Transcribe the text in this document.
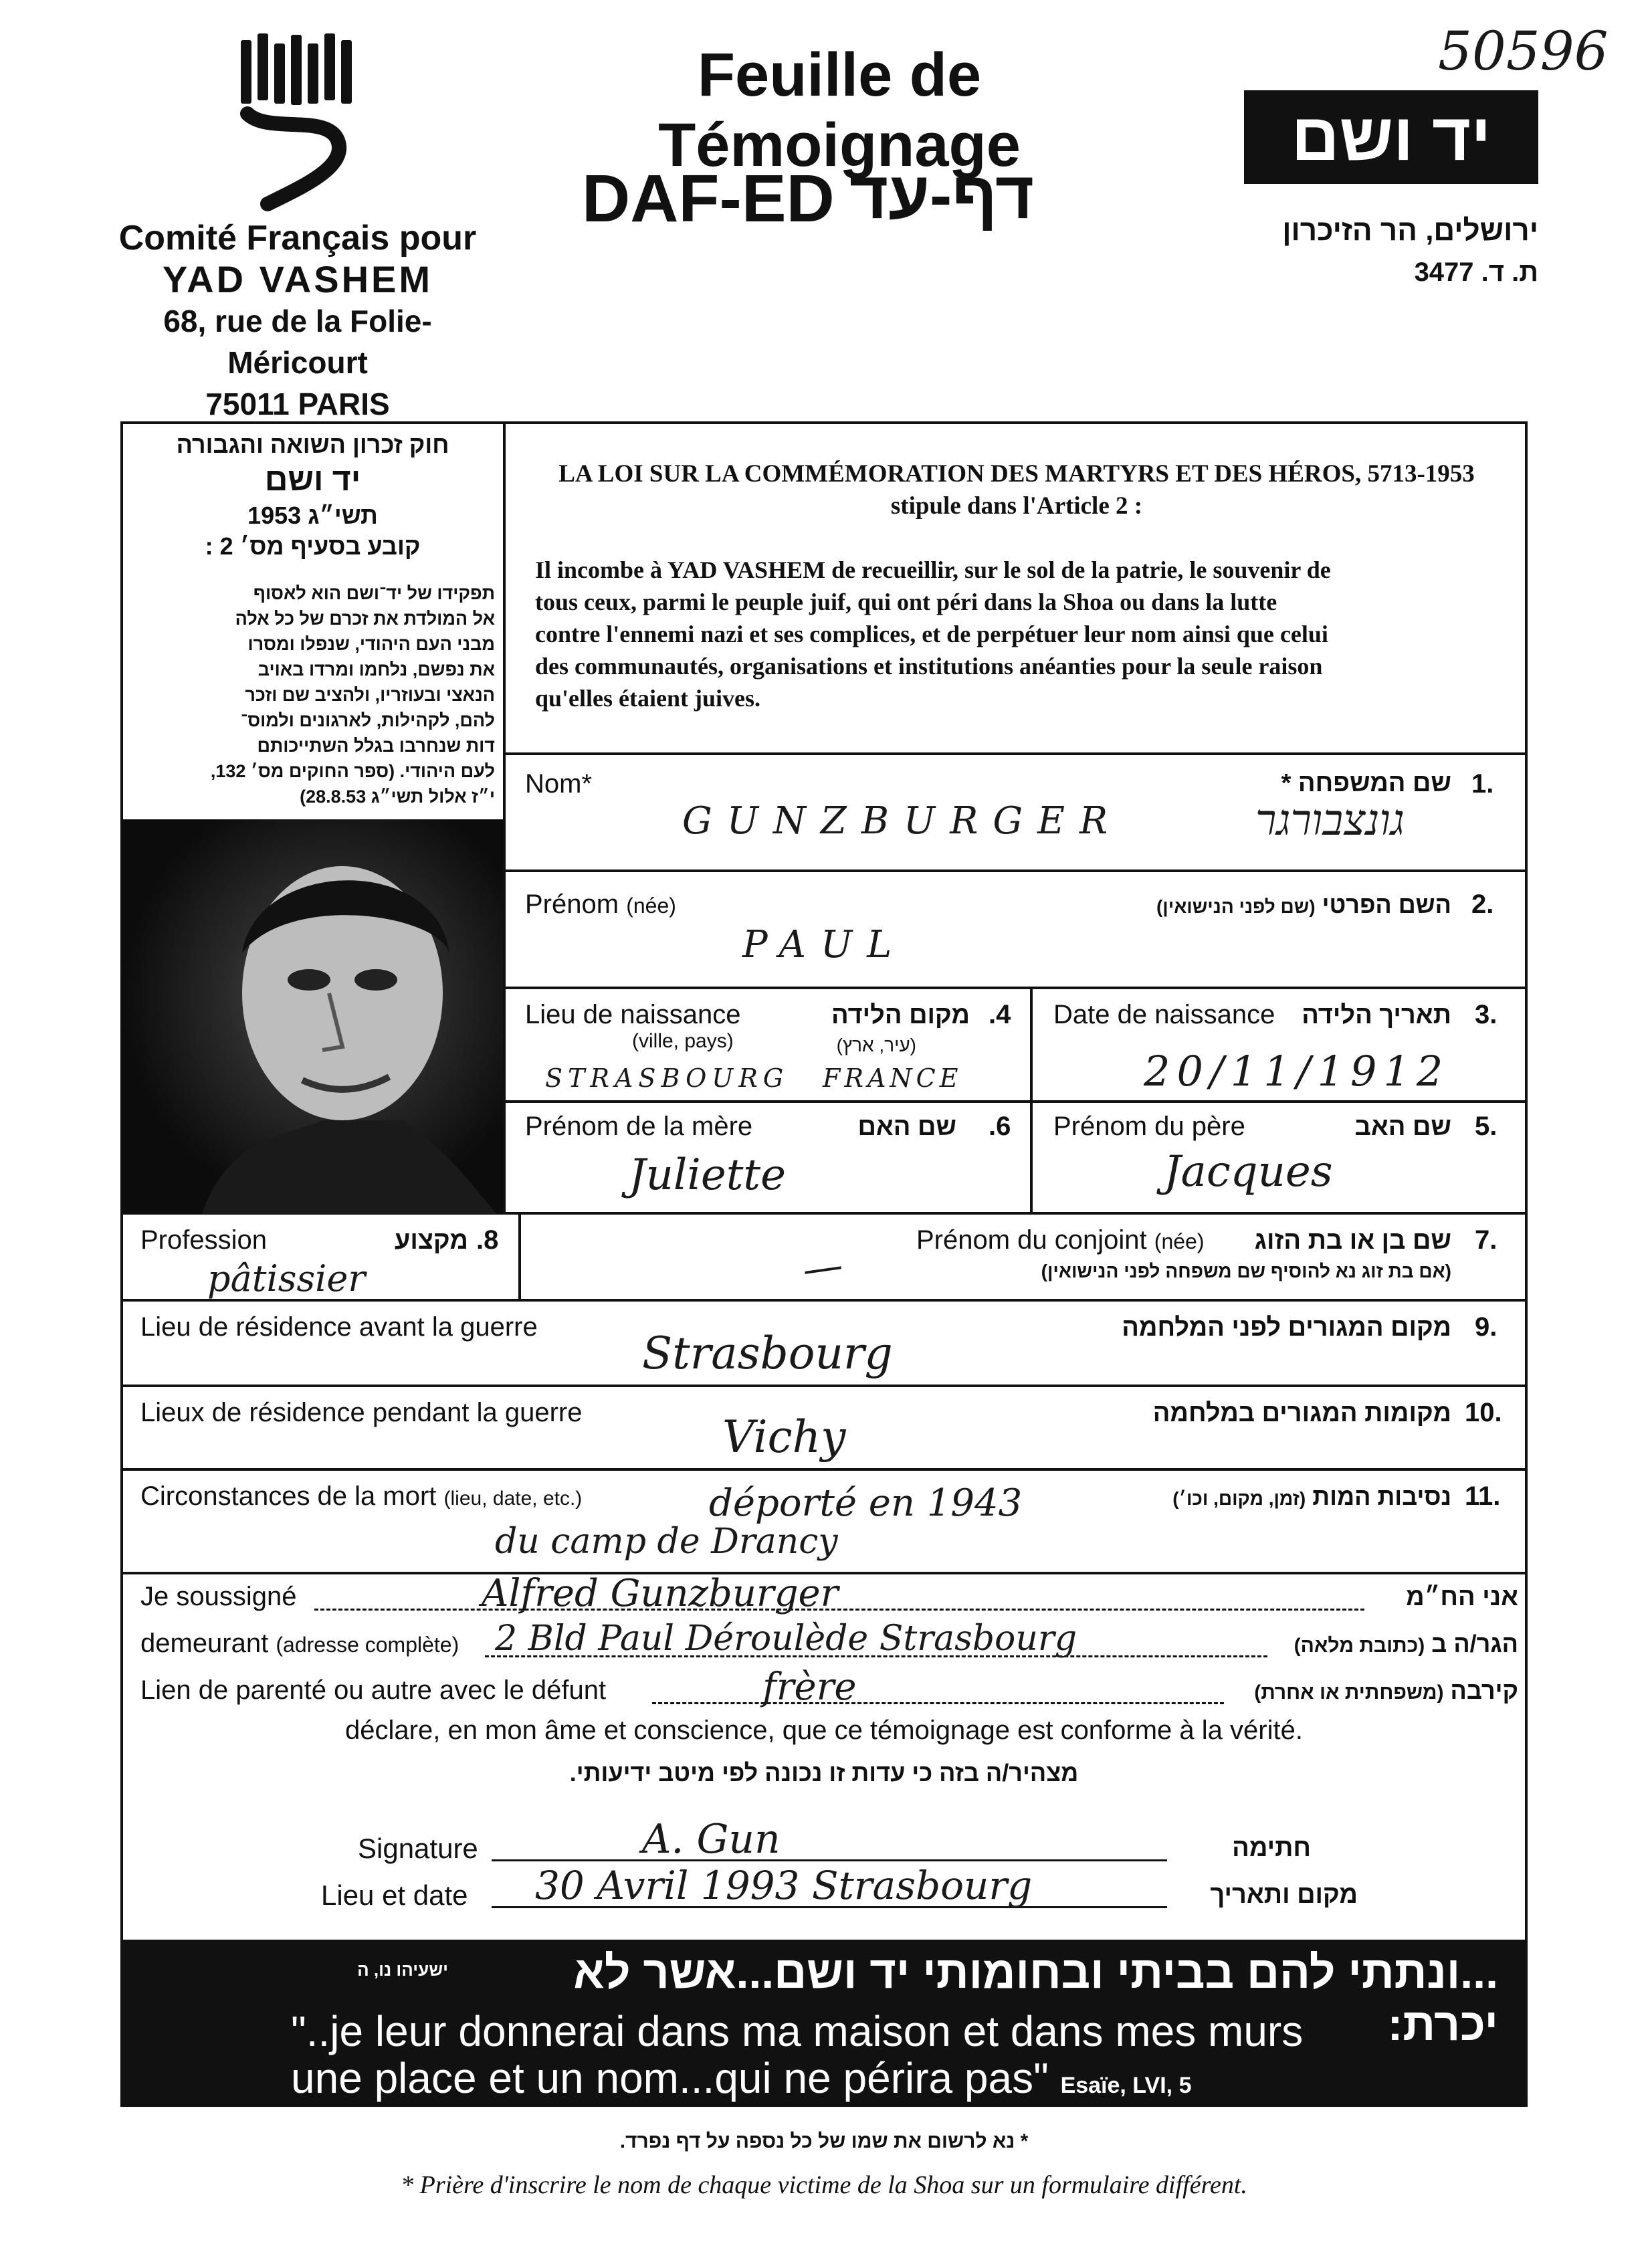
Comité Français pour
YAD VASHEM
68, rue de la Folie-Méricourt
75011 PARIS
Feuille de Témoignage
DAF-ED דף-עד
50596
יד ושם
ירושלים, הר הזיכרון
ת. ד. 3477
חוק זכרון השואה והגבורה
יד ושם
תשי״ג 1953
קובע בסעיף מס׳ 2 :
תפקידו של יד־ושם הוא לאסוף
אל המולדת את זכרם של כל אלה
מבני העם היהודי, שנפלו ומסרו
את נפשם, נלחמו ומרדו באויב
הנאצי ובעוזריו, ולהציב שם וזכר
להם, לקהילות, לארגונים ולמוס־
דות שנחרבו בגלל השתייכותם
לעם היהודי. (ספר החוקים מס׳ 132,
י״ז אלול תשי״ג 28.8.53)
LA LOI SUR LA COMMÉMORATION DES MARTYRS ET DES HÉROS, 5713-1953
stipule dans l'Article 2 :
Il incombe à YAD VASHEM de recueillir, sur le sol de la patrie, le souvenir de
tous ceux, parmi le peuple juif, qui ont péri dans la Shoa ou dans la lutte
contre l'ennemi nazi et ses complices, et de perpétuer leur nom ainsi que celui
des communautés, organisations et institutions anéanties pour la seule raison
qu'elles étaient juives.
Nom*	שם המשפחה * 1.
GUNZBURGER	גונצבורגר
Prénom (née)	השם הפרטי (שם לפני הנישואין)	2.
PAUL
Lieu de naissance
(ville, pays)
מקום הלידה
(עיר, ארץ)
.4
STRASBOURG FRANCE
Date de naissance	תאריך הלידה 3.
20/11/1912
Prénom de la mère	שם האם .6
Juliette
Prénom du père	שם האב 5.
Jacques
Profession	מקצוע .8
pâtissier
Prénom du conjoint (née)	שם בן או בת הזוג 7.
(אם בת זוג נא להוסיף שם משפחה לפני הנישואין)
—
Lieu de résidence avant la guerre	מקום המגורים לפני המלחמה 9.
Strasbourg
Lieux de résidence pendant la guerre	מקומות המגורים במלחמה 10.
Vichy
Circonstances de la mort (lieu, date, etc.)	נסיבות המות (זמן, מקום, וכו׳)	11.
déporté en 1943
du camp de Drancy
Je soussigné	Alfred Gunzburger	אני הח״מ
demeurant (adresse complète) 2 Bld Paul Déroulède Strasbourg	הגר/ה ב (כתובת מלאה)
Lien de parenté ou autre avec le défunt	frère	קירבה (משפחתית או אחרת)
déclare, en mon âme et conscience, que ce témoignage est conforme à la vérité.
מצהיר/ה בזה כי עדות זו נכונה לפי מיטב ידיעותי.
Signature	A. Gun	חתימה
Lieu et date 30 Avril 1993 Strasbourg	מקום ותאריך
ישעיהו נו, ה	...ונתתי להם בביתי ובחומותי יד ושם...אשר לא יכרת:
"..je leur donnerai dans ma maison et dans mes murs
une place et un nom...qui ne périra pas" Esaïe, LVI, 5
* נא לרשום את שמו של כל נספה על דף נפרד.
* Prière d'inscrire le nom de chaque victime de la Shoa sur un formulaire différent.
